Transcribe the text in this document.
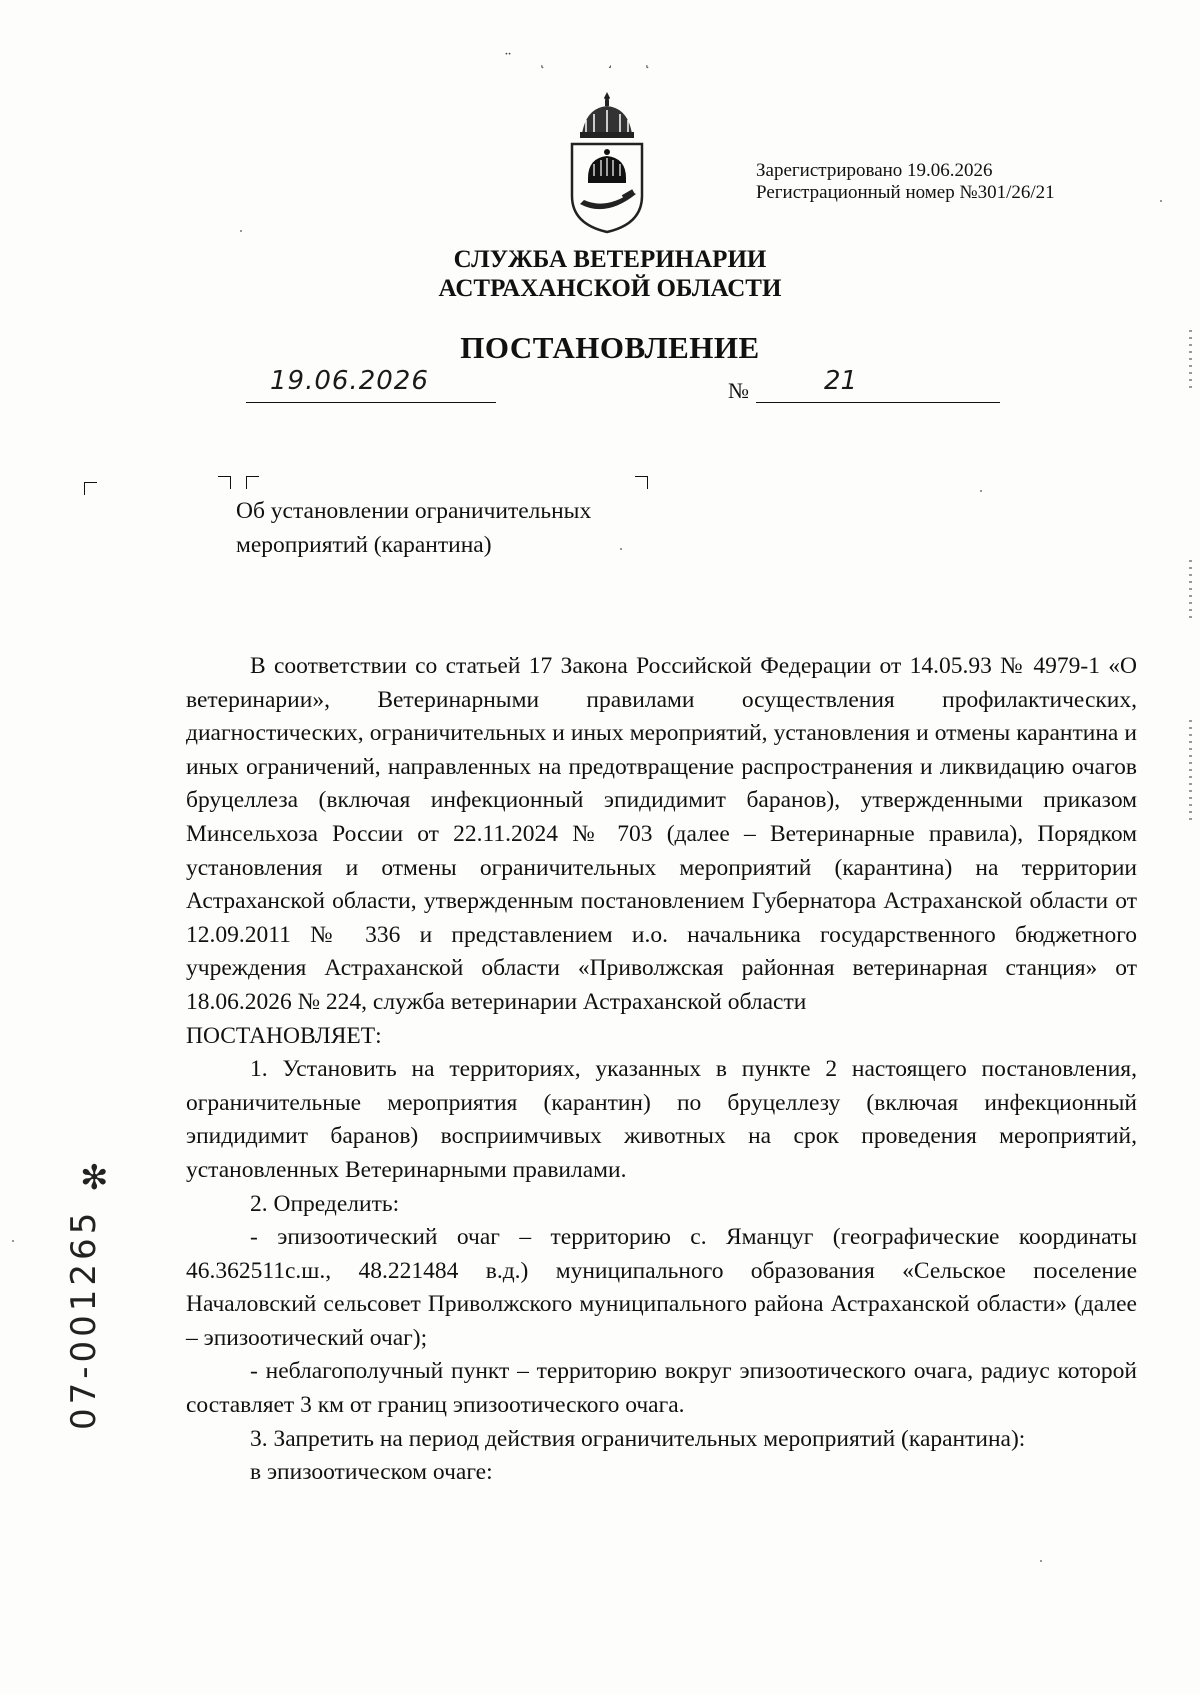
̈ ͅ ͵ ͅ
Зарегистрировано 19.06.2026
Регистрационный номер №301/26/21
СЛУЖБА ВЕТЕРИНАРИИ
АСТРАХАНСКОЙ ОБЛАСТИ
ПОСТАНОВЛЕНИЕ
19.06.2026	№	21
Об установлении ограничительных
мероприятий (карантина)

В соответствии со статьей 17 Закона Российской Федерации от 14.05.93 № 4979-1 «О ветеринарии», Ветеринарными правилами осуществления профилактических, диагностических, ограничительных и иных мероприятий, установления и отмены карантина и иных ограничений, направленных на предотвращение распространения и ликвидацию очагов бруцеллеза (включая инфекционный эпидидимит баранов), утвержденными приказом Минсельхоза России от 22.11.2024 № 703 (далее – Ветеринарные правила), Порядком установления и отмены ограничительных мероприятий (карантина) на территории Астраханской области, утвержденным постановлением Губернатора Астраханской области от 12.09.2011 № 336 и представлением и.о. начальника государственного бюджетного учреждения Астраханской области «Приволжская районная ветеринарная станция» от 18.06.2026 № 224, служба ветеринарии Астраханской области

ПОСТАНОВЛЯЕТ:

1. Установить на территориях, указанных в пункте 2 настоящего постановления, ограничительные мероприятия (карантин) по бруцеллезу (включая инфекционный эпидидимит баранов) восприимчивых животных на срок проведения мероприятий, установленных Ветеринарными правилами.

2. Определить:

- эпизоотический очаг – территорию с. Яманцуг (географические координаты 46.362511с.ш., 48.221484 в.д.) муниципального образования «Сельское поселение Началовский сельсовет Приволжского муниципального района Астраханской области» (далее – эпизоотический очаг);

- неблагополучный пункт – территорию вокруг эпизоотического очага, радиус которой составляет 3 км от границ эпизоотического очага.

3. Запретить на период действия ограничительных мероприятий (карантина):

в эпизоотическом очаге:

✻
07-001265
